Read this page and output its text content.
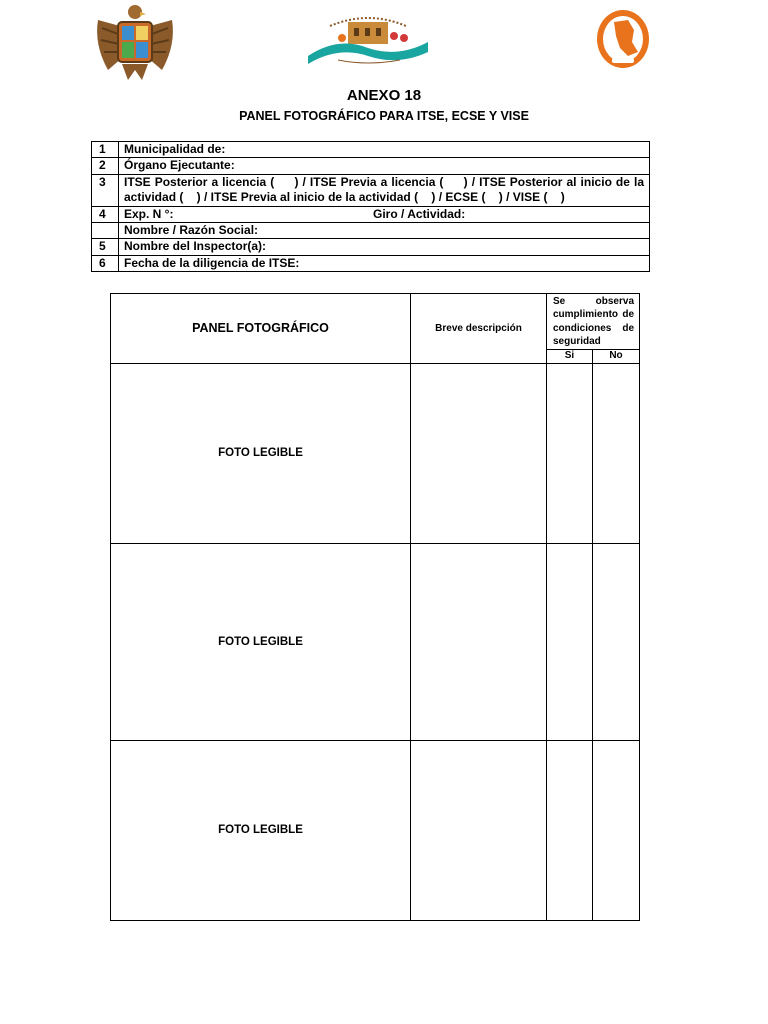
ANEXO 18
PANEL FOTOGRÁFICO PARA ITSE, ECSE Y VISE
1	Municipalidad de:
2	Órgano Ejecutante:
3	ITSE Posterior a licencia (     ) / ITSE Previa a licencia (     ) / ITSE Posterior al inicio de la actividad (    ) / ITSE Previa al inicio de la actividad (    ) / ECSE (    ) / VISE (    )
4	Exp. N °: Giro / Actividad:

	Nombre / Razón Social:
5	Nombre del Inspector(a):
6	Fecha de la diligencia de ITSE:
PANEL FOTOGRÁFICO	Breve descripción	Se observa cumplimiento de condiciones de seguridad	
		Si	No
FOTO LEGIBLE			
FOTO LEGIBLE			
FOTO LEGIBLE			
